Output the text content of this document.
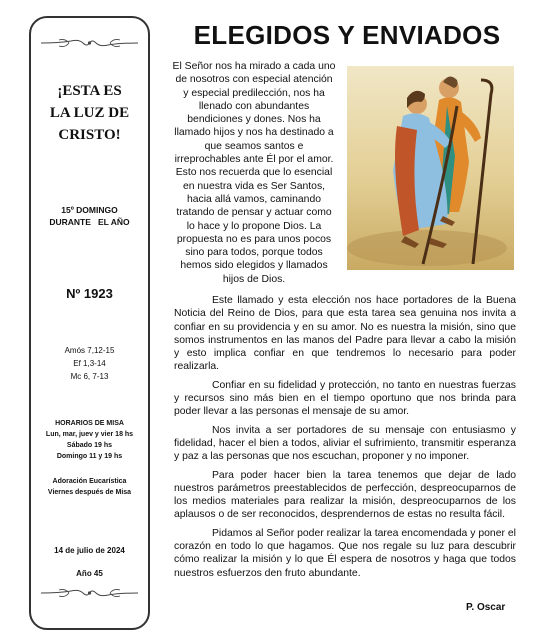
¡ESTA ES
LA LUZ DE
CRISTO!
15º DOMINGO
DURANTE   EL AÑO
Nº 1923
Amós 7,12-15
Ef 1,3-14
Mc 6, 7-13
HORARIOS DE MISA
Lun, mar, juev y vier 18 hs
Sábado 19 hs
Domingo 11 y 19 hs
Adoración Eucarística
Viernes después de Misa
14 de julio de 2024
Año 45
ELEGIDOS Y ENVIADOS
El Señor nos ha mirado a cada uno
de nosotros con especial atención
y especial predilección, nos ha
llenado con abundantes
bendiciones y dones. Nos ha
llamado hijos y nos ha destinado a
que seamos santos e
irreprochables ante Él por el amor.
Esto nos recuerda que lo esencial
en nuestra vida es Ser Santos,
hacia allá vamos, caminando
tratando de pensar y actuar como
lo hace y lo propone Dios. La
propuesta no es para unos pocos
sino para todos, porque todos
hemos sido elegidos y llamados
hijos de Dios.

Este llamado y esta elección nos hace portadores de la Buena Noticia del Reino de Dios, para que esta tarea sea genuina nos invita a confiar en su providencia y en su amor. No es nuestra la misión, sino que somos instrumentos en las manos del Padre para llevar a cabo la misión y esto implica confiar en que tendremos lo necesario para poder realizarla.

Confiar en su fidelidad y protección, no tanto en nuestras fuerzas y recursos sino más bien en el tiempo oportuno que nos brinda para poder llevar a las personas el mensaje de su amor.

Nos invita a ser portadores de su mensaje con entusiasmo y fidelidad, hacer el bien a todos, aliviar el sufrimiento, transmitir esperanza y paz a las personas que nos escuchan, proponer y no imponer.

Para poder hacer bien la tarea tenemos que dejar de lado nuestros parámetros preestablecidos de perfección, despreocuparnos de los medios materiales para realizar la misión, despreocuparnos de los aplausos o de ser reconocidos, desprendernos de estas no resulta fácil.

Pidamos al Señor poder realizar la tarea encomendada y poner el corazón en todo lo que hagamos. Que nos regale su luz para descubrir cómo realizar la misión y lo que Él espera de nosotros y haga que todos nuestros esfuerzos den fruto abundante.

P. Oscar
